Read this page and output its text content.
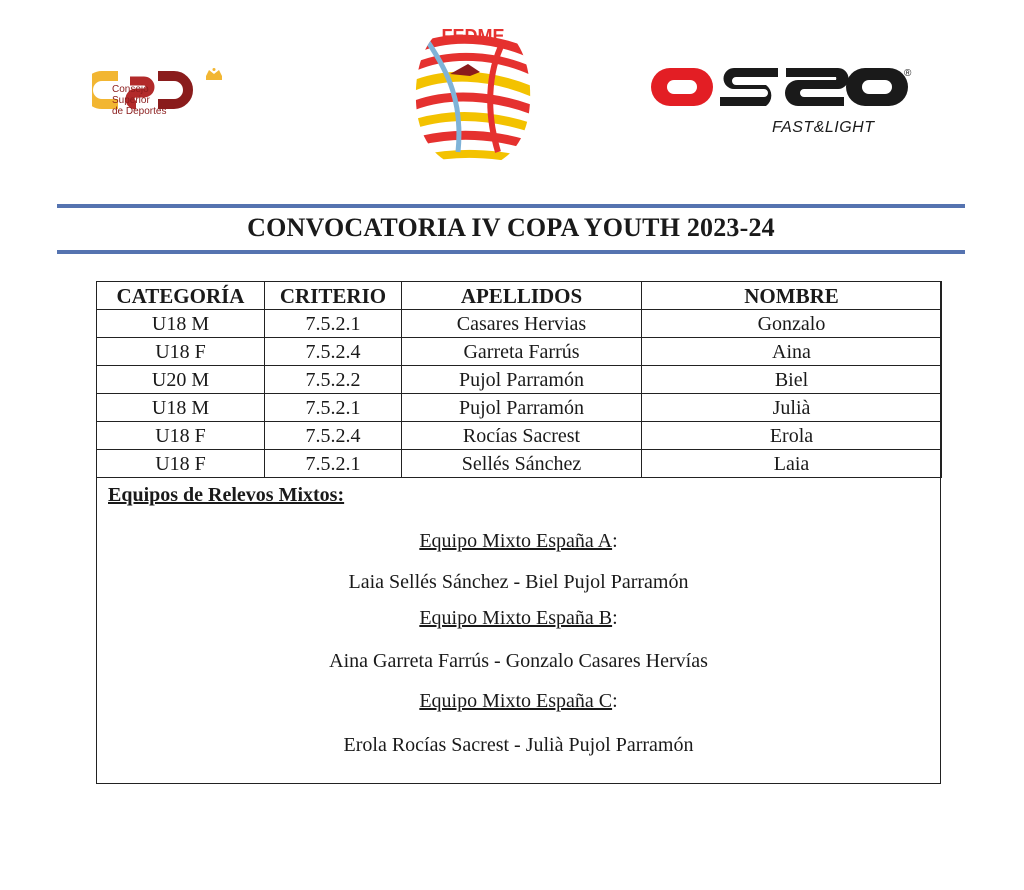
Consejo
Superior
de Deportes
FEDME
®
FAST&LIGHT
CONVOCATORIA IV COPA YOUTH 2023-24
CATEGORÍA	CRITERIO	APELLIDOS	NOMBRE
U18 M	7.5.2.1	Casares Hervias	Gonzalo
U18 F	7.5.2.4	Garreta Farrús	Aina
U20 M	7.5.2.2	Pujol Parramón	Biel
U18 M	7.5.2.1	Pujol Parramón	Julià
U18 F	7.5.2.4	Rocías Sacrest	Erola
U18 F	7.5.2.1	Sellés Sánchez	Laia
Equipos de Relevos Mixtos:
Equipo Mixto España A:
Laia Sellés Sánchez - Biel Pujol Parramón
Equipo Mixto España B:
Aina Garreta Farrús - Gonzalo Casares Hervías
Equipo Mixto España C:
Erola Rocías Sacrest - Julià Pujol Parramón
